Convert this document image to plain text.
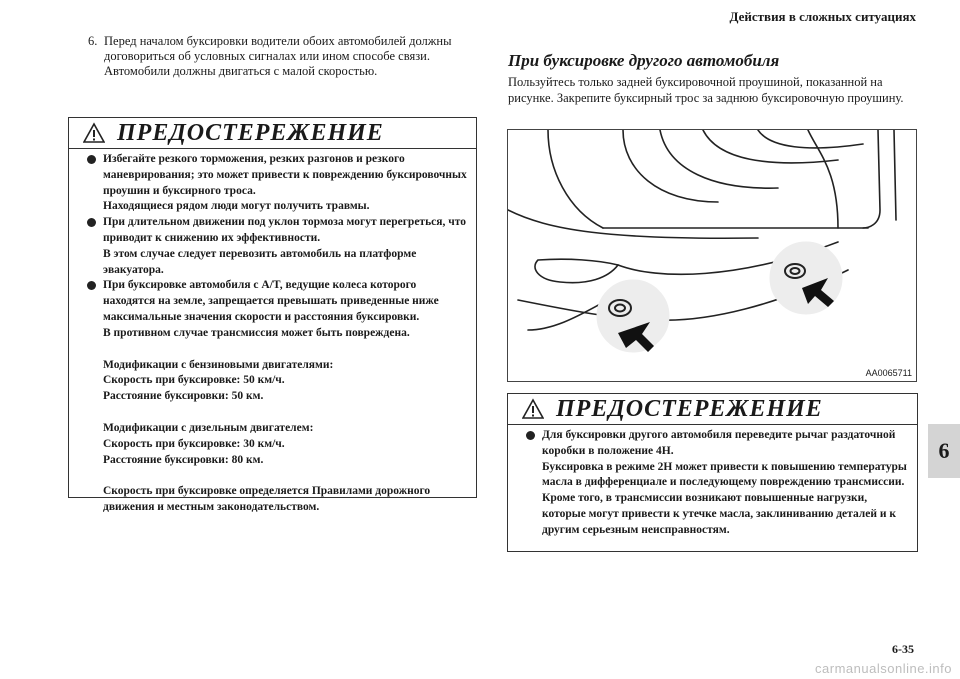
Действия в сложных ситуациях
6
6. Перед началом буксировки водители обоих автомобилей должны договориться об условных сигналах или ином способе связи. Автомобили должны двигаться с малой скоростью.
ПРЕДОСТЕРЕЖЕНИЕ
Избегайте резкого торможения, резких разгонов и резкого маневрирования; это может привести к повреждению буксировочных проушин и буксирного троса.
Находящиеся рядом люди могут получить травмы.
При длительном движении под уклон тормоза могут перегреться, что приводит к снижению их эффективности.
В этом случае следует перевозить автомобиль на платформе эвакуатора.
При буксировке автомобиля с A/T, ведущие колеса которого находятся на земле, запрещается превышать приведенные ниже максимальные значения скорости и расстояния буксировки.
В противном случае трансмиссия может быть повреждена.
Модификации с бензиновыми двигателями:
Скорость при буксировке: 50 км/ч.
Расстояние буксировки: 50 км.
Модификации с дизельным двигателем:
Скорость при буксировке: 30 км/ч.
Расстояние буксировки: 80 км.
Скорость при буксировке определяется Правилами дорожного движения и местным законодательством.
При буксировке другого автомобиля
Пользуйтесь только задней буксировочной проушиной, показанной на рисунке. Закрепите буксирный трос за заднюю буксировочную проушину.
AA0065711
ПРЕДОСТЕРЕЖЕНИЕ
Для буксировки другого автомобиля переведите рычаг раздаточной коробки в положение 4H.
Буксировка в режиме 2H может привести к повышению температуры масла в дифференциале и последующему повреждению трансмиссии.
Кроме того, в трансмиссии возникают повышенные нагрузки, которые могут привести к утечке масла, заклиниванию деталей и к другим серьезным неисправностям.
6-35
carmanualsonline.info
